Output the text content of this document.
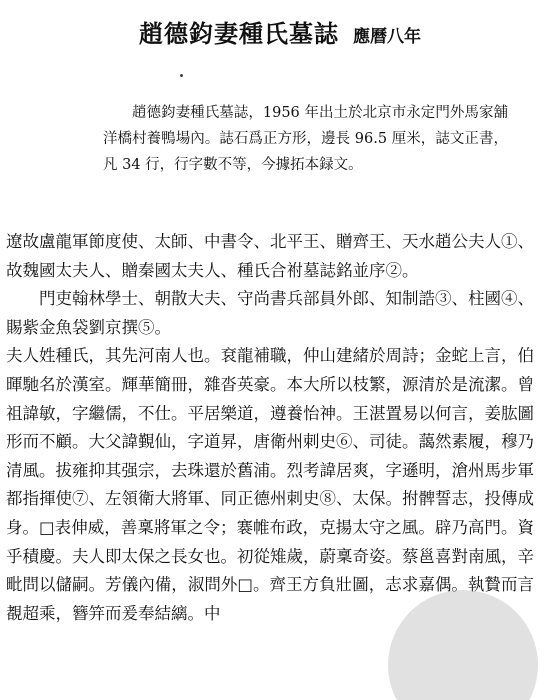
趙德鈞妻種氏墓誌 應曆八年

趙德鈞妻種氏墓誌，1956 年出土於北京市永定門外馬家舖洋橋村養鴨場內。誌石爲正方形，邊長 96.5 厘米，誌文正書，凡 34 行，行字數不等，今據拓本録文。

遼故盧龍軍節度使、太師、中書令、北平王、贈齊王、天水趙公夫人①、故魏國太夫人、贈秦國太夫人、種氏合祔墓誌銘並序②。

門吏翰林學士、朝散大夫、守尚書兵部員外郎、知制誥③、柱國④、賜紫金魚袋劉京撰⑤。

夫人姓種氏，其先河南人也。袞龍補職，仲山建緒於周詩；金蛇上言，伯暉馳名於漢室。輝華簡冊，雜沓英豪。本大所以枝繁，源清於是流潔。曾祖諱敏，字繼儒，不仕。平居樂道，遵養怡神。王湛置易以何言，姜肱圖形而不顧。大父諱覲仙，字道昇，唐衛州刺史⑥、司徒。藹然素履，穆乃清風。拔雍抑其强宗，去珠還於舊浦。烈考諱居爽，字遜明，滄州馬步軍都指揮使⑦、左領衛大將軍、同正德州刺史⑧、太保。拊髀誓志，投傳成身。□表伸威，善稟將軍之令；褰帷布政，克揚太守之風。辟乃高門。資乎積慶。夫人即太保之長女也。初從雉歲，蔚稟奇姿。蔡邕喜對南風，辛毗問以儲嗣。芳儀內備，淑問外□。齊王方負壯圖，志求嘉偶。執贄而言覩超乘，簪笄而爰奉結縭。中
